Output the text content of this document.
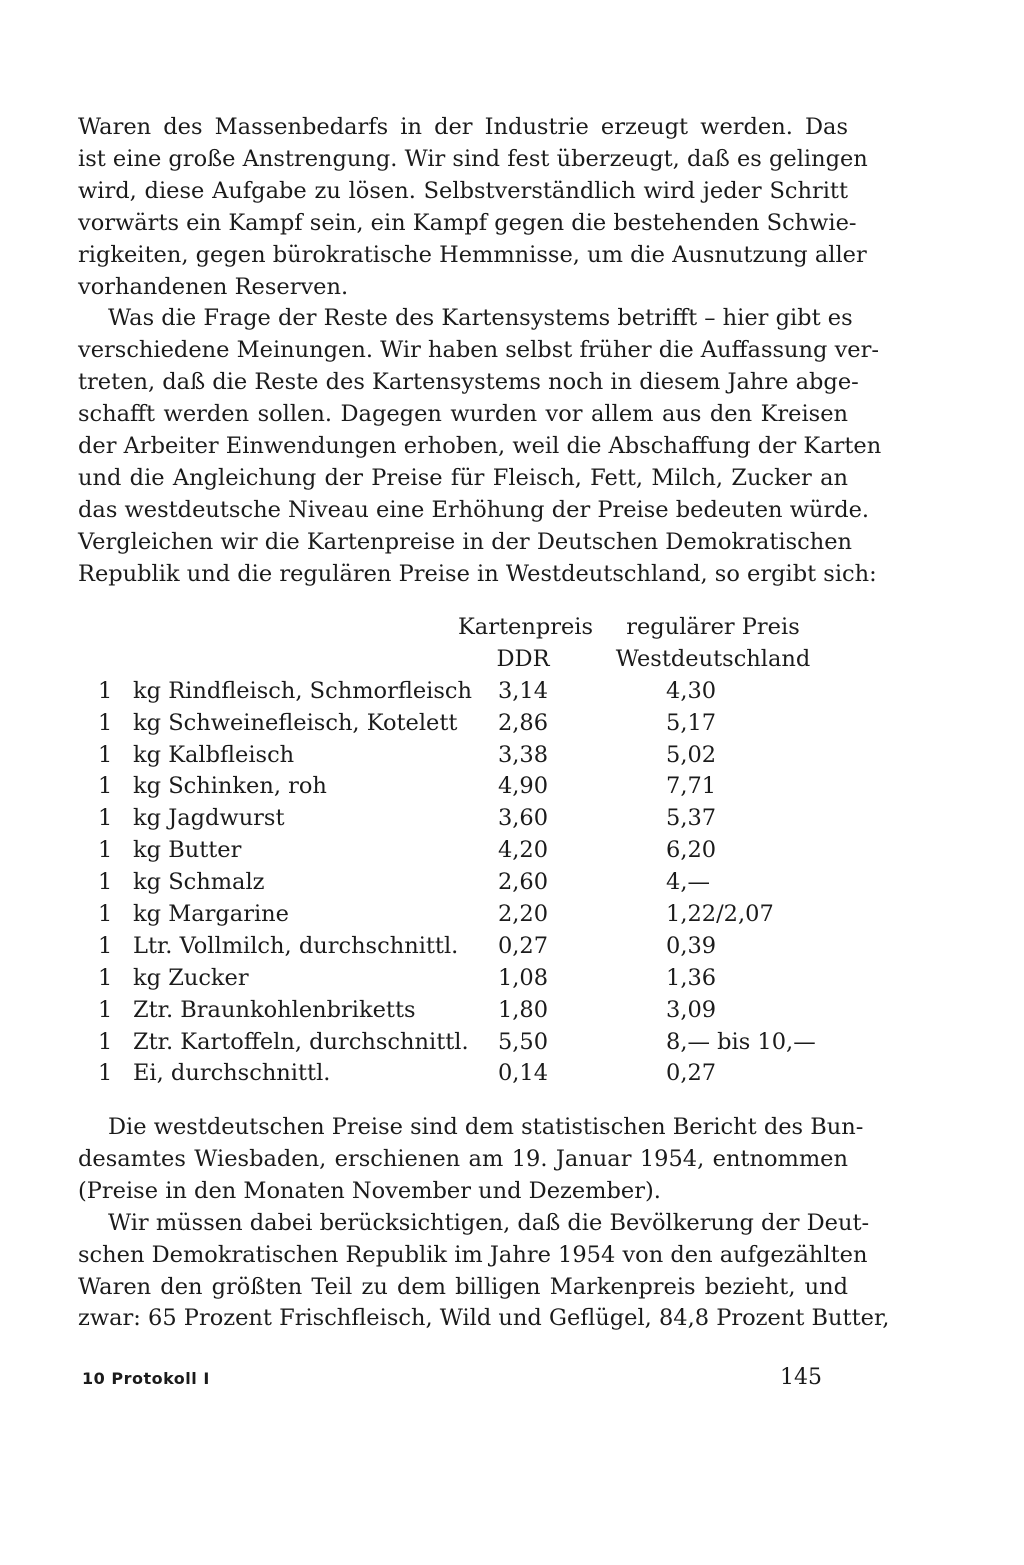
Waren des Massenbedarfs in der Industrie erzeugt werden. Das
ist eine große Anstrengung. Wir sind fest überzeugt, daß es gelingen
wird, diese Aufgabe zu lösen. Selbstverständlich wird jeder Schritt
vorwärts ein Kampf sein, ein Kampf gegen die bestehenden Schwie-
rigkeiten, gegen bürokratische Hemmnisse, um die Ausnutzung aller
vorhandenen Reserven.

Was die Frage der Reste des Kartensystems betrifft – hier gibt es
verschiedene Meinungen. Wir haben selbst früher die Auffassung ver-
treten, daß die Reste des Kartensystems noch in diesem Jahre abge-
schafft werden sollen. Dagegen wurden vor allem aus den Kreisen
der Arbeiter Einwendungen erhoben, weil die Abschaffung der Karten
und die Angleichung der Preise für Fleisch, Fett, Milch, Zucker an
das westdeutsche Niveau eine Erhöhung der Preise bedeuten würde.
Vergleichen wir die Kartenpreise in der Deutschen Demokratischen
Republik und die regulären Preise in Westdeutschland, so ergibt sich:

Kartenpreis	regulärer Preis
DDR	Westdeutschland
1 kg Rindfleisch, Schmorfleisch	3,14	4,30
1 kg Schweinefleisch, Kotelett	2,86	5,17
1 kg Kalbfleisch	3,38	5,02
1 kg Schinken, roh	4,90	7,71
1 kg Jagdwurst	3,60	5,37
1 kg Butter	4,20	6,20
1 kg Schmalz	2,60	4,—
1 kg Margarine	2,20	1,22/2,07
1 Ltr. Vollmilch, durchschnittl.	0,27	0,39
1 kg Zucker	1,08	1,36
1 Ztr. Braunkohlenbriketts	1,80	3,09
1 Ztr. Kartoffeln, durchschnittl.	5,50	8,— bis 10,—
1 Ei, durchschnittl.	0,14	0,27

Die westdeutschen Preise sind dem statistischen Bericht des Bun-
desamtes Wiesbaden, erschienen am 19. Januar 1954, entnommen
(Preise in den Monaten November und Dezember).

Wir müssen dabei berücksichtigen, daß die Bevölkerung der Deut-
schen Demokratischen Republik im Jahre 1954 von den aufgezählten
Waren den größten Teil zu dem billigen Markenpreis bezieht, und
zwar: 65 Prozent Frischfleisch, Wild und Geflügel, 84,8 Prozent Butter,

10 Protokoll I	145
